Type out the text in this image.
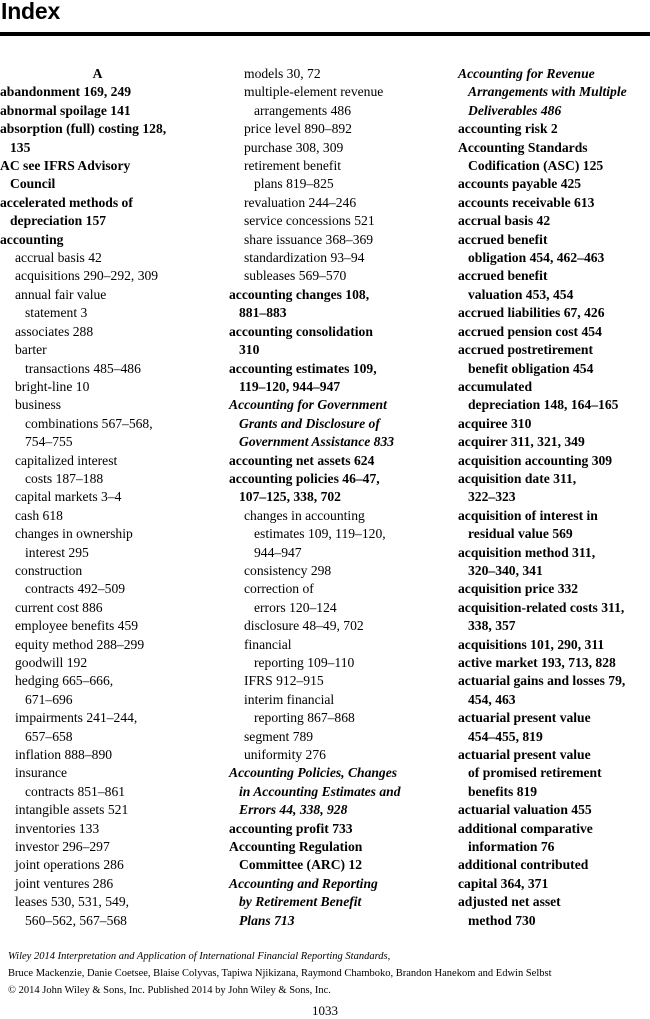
Index
A
abandonment 169, 249
abnormal spoilage 141
absorption (full) costing 128,
135
AC see IFRS Advisory
Council
accelerated methods of
depreciation 157
accounting
accrual basis 42
acquisitions 290–292, 309
annual fair value
statement 3
associates 288
barter
transactions 485–486
bright-line 10
business
combinations 567–568,
754–755
capitalized interest
costs 187–188
capital markets 3–4
cash 618
changes in ownership
interest 295
construction
contracts 492–509
current cost 886
employee benefits 459
equity method 288–299
goodwill 192
hedging 665–666,
671–696
impairments 241–244,
657–658
inflation 888–890
insurance
contracts 851–861
intangible assets 521
inventories 133
investor 296–297
joint operations 286
joint ventures 286
leases 530, 531, 549,
560–562, 567–568
models 30, 72
multiple-element revenue
arrangements 486
price level 890–892
purchase 308, 309
retirement benefit
plans 819–825
revaluation 244–246
service concessions 521
share issuance 368–369
standardization 93–94
subleases 569–570
accounting changes 108,
881–883
accounting consolidation
310
accounting estimates 109,
119–120, 944–947
Accounting for Government
Grants and Disclosure of
Government Assistance 833
accounting net assets 624
accounting policies 46–47,
107–125, 338, 702
changes in accounting
estimates 109, 119–120,
944–947
consistency 298
correction of
errors 120–124
disclosure 48–49, 702
financial
reporting 109–110
IFRS 912–915
interim financial
reporting 867–868
segment 789
uniformity 276
Accounting Policies, Changes
in Accounting Estimates and
Errors 44, 338, 928
accounting profit 733
Accounting Regulation
Committee (ARC) 12
Accounting and Reporting
by Retirement Benefit
Plans 713
Accounting for Revenue
Arrangements with Multiple
Deliverables 486
accounting risk 2
Accounting Standards
Codification (ASC) 125
accounts payable 425
accounts receivable 613
accrual basis 42
accrued benefit
obligation 454, 462–463
accrued benefit
valuation 453, 454
accrued liabilities 67, 426
accrued pension cost 454
accrued postretirement
benefit obligation 454
accumulated
depreciation 148, 164–165
acquiree 310
acquirer 311, 321, 349
acquisition accounting 309
acquisition date 311,
322–323
acquisition of interest in
residual value 569
acquisition method 311,
320–340, 341
acquisition price 332
acquisition-related costs 311,
338, 357
acquisitions 101, 290, 311
active market 193, 713, 828
actuarial gains and losses 79,
454, 463
actuarial present value
454–455, 819
actuarial present value
of promised retirement
benefits 819
actuarial valuation 455
additional comparative
information 76
additional contributed
capital 364, 371
adjusted net asset
method 730
Wiley 2014 Interpretation and Application of International Financial Reporting Standards,
Bruce Mackenzie, Danie Coetsee, Blaise Colyvas, Tapiwa Njikizana, Raymond Chamboko, Brandon Hanekom and Edwin Selbst
© 2014 John Wiley & Sons, Inc. Published 2014 by John Wiley & Sons, Inc.
1033
